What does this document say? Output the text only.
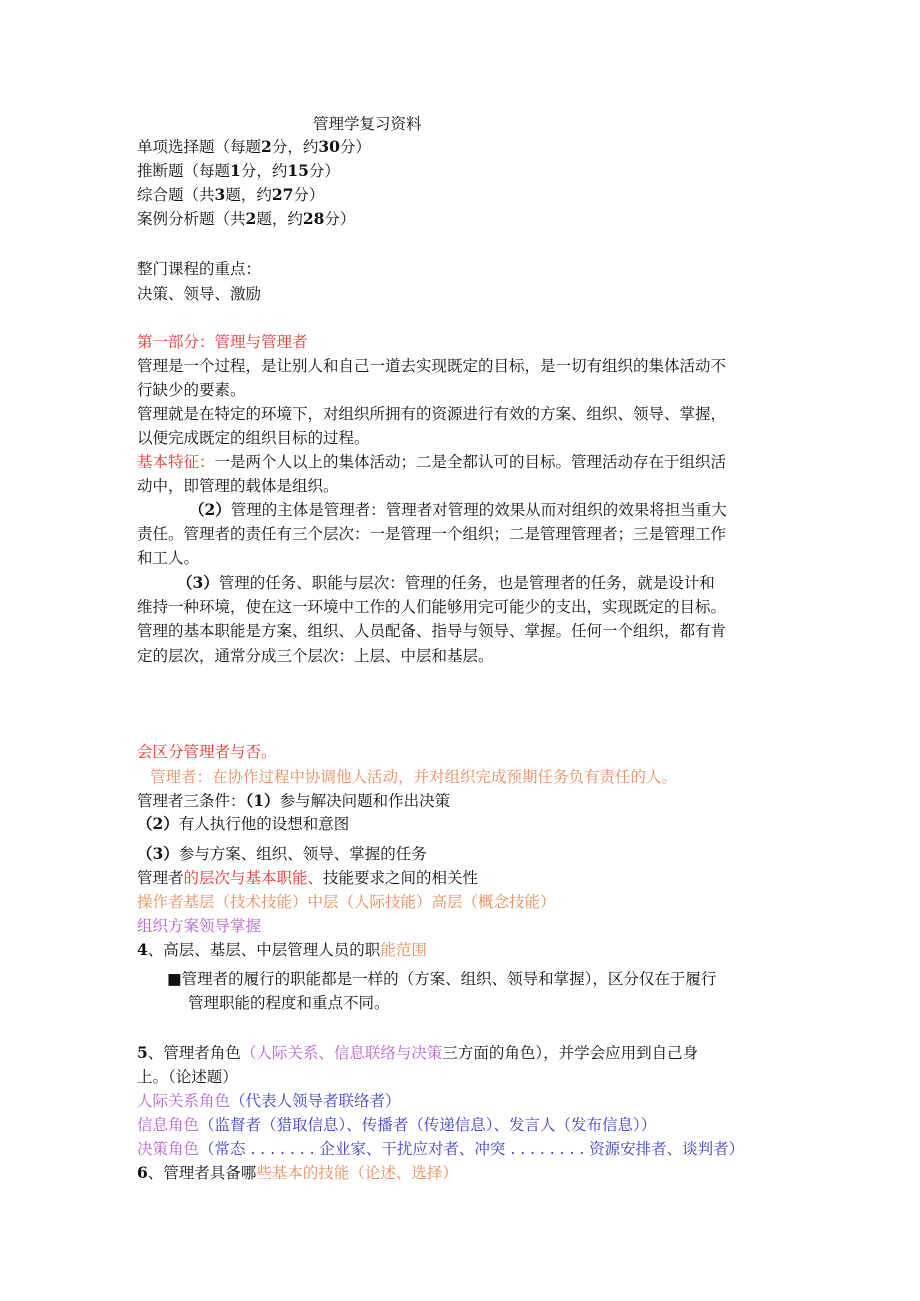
管理学复习资料
单项选择题（每题2分，约30分）
推断题（每题1分，约15分）
综合题（共3题，约27分）
案例分析题（共2题，约28分）
整门课程的重点：
决策、领导、激励
第一部分：管理与管理者
管理是一个过程，是让别人和自己一道去实现既定的目标，是一切有组织的集体活动不
行缺少的要素。
管理就是在特定的环境下，对组织所拥有的资源进行有效的方案、组织、领导、掌握，
以便完成既定的组织目标的过程。
基本特征：一是两个人以上的集体活动；二是全都认可的目标。管理活动存在于组织活
动中，即管理的载体是组织。
（2）管理的主体是管理者：管理者对管理的效果从而对组织的效果将担当重大
责任。管理者的责任有三个层次：一是管理一个组织；二是管理管理者；三是管理工作
和工人。
（3）管理的任务、职能与层次：管理的任务，也是管理者的任务，就是设计和
维持一种环境，使在这一环境中工作的人们能够用完可能少的支出，实现既定的目标。
管理的基本职能是方案、组织、人员配备、指导与领导、掌握。任何一个组织，都有肯
定的层次，通常分成三个层次：上层、中层和基层。
会区分管理者与否。
管理者：在协作过程中协调他人活动，并对组织完成预期任务负有责任的人。
管理者三条件：（1）参与解决问题和作出决策
（2）有人执行他的设想和意图
（3）参与方案、组织、领导、掌握的任务
管理者的层次与基本职能、技能要求之间的相关性
操作者基层（技术技能）中层（人际技能）高层（概念技能）
组织方案领导掌握
4、高层、基层、中层管理人员的职能范围
■管理者的履行的职能都是一样的（方案、组织、领导和掌握），区分仅在于履行
管理职能的程度和重点不同。
5、管理者角色（人际关系、信息联络与决策三方面的角色），并学会应用到自己身
上。（论述题）
人际关系角色（代表人领导者联络者）
信息角色（监督者（猎取信息）、传播者（传递信息）、发言人（发布信息））
决策角色（常态 . . . . . . . 企业家、干扰应对者、冲突 . . . . . . . . 资源安排者、谈判者）
6、管理者具备哪些基本的技能（论述、选择）
